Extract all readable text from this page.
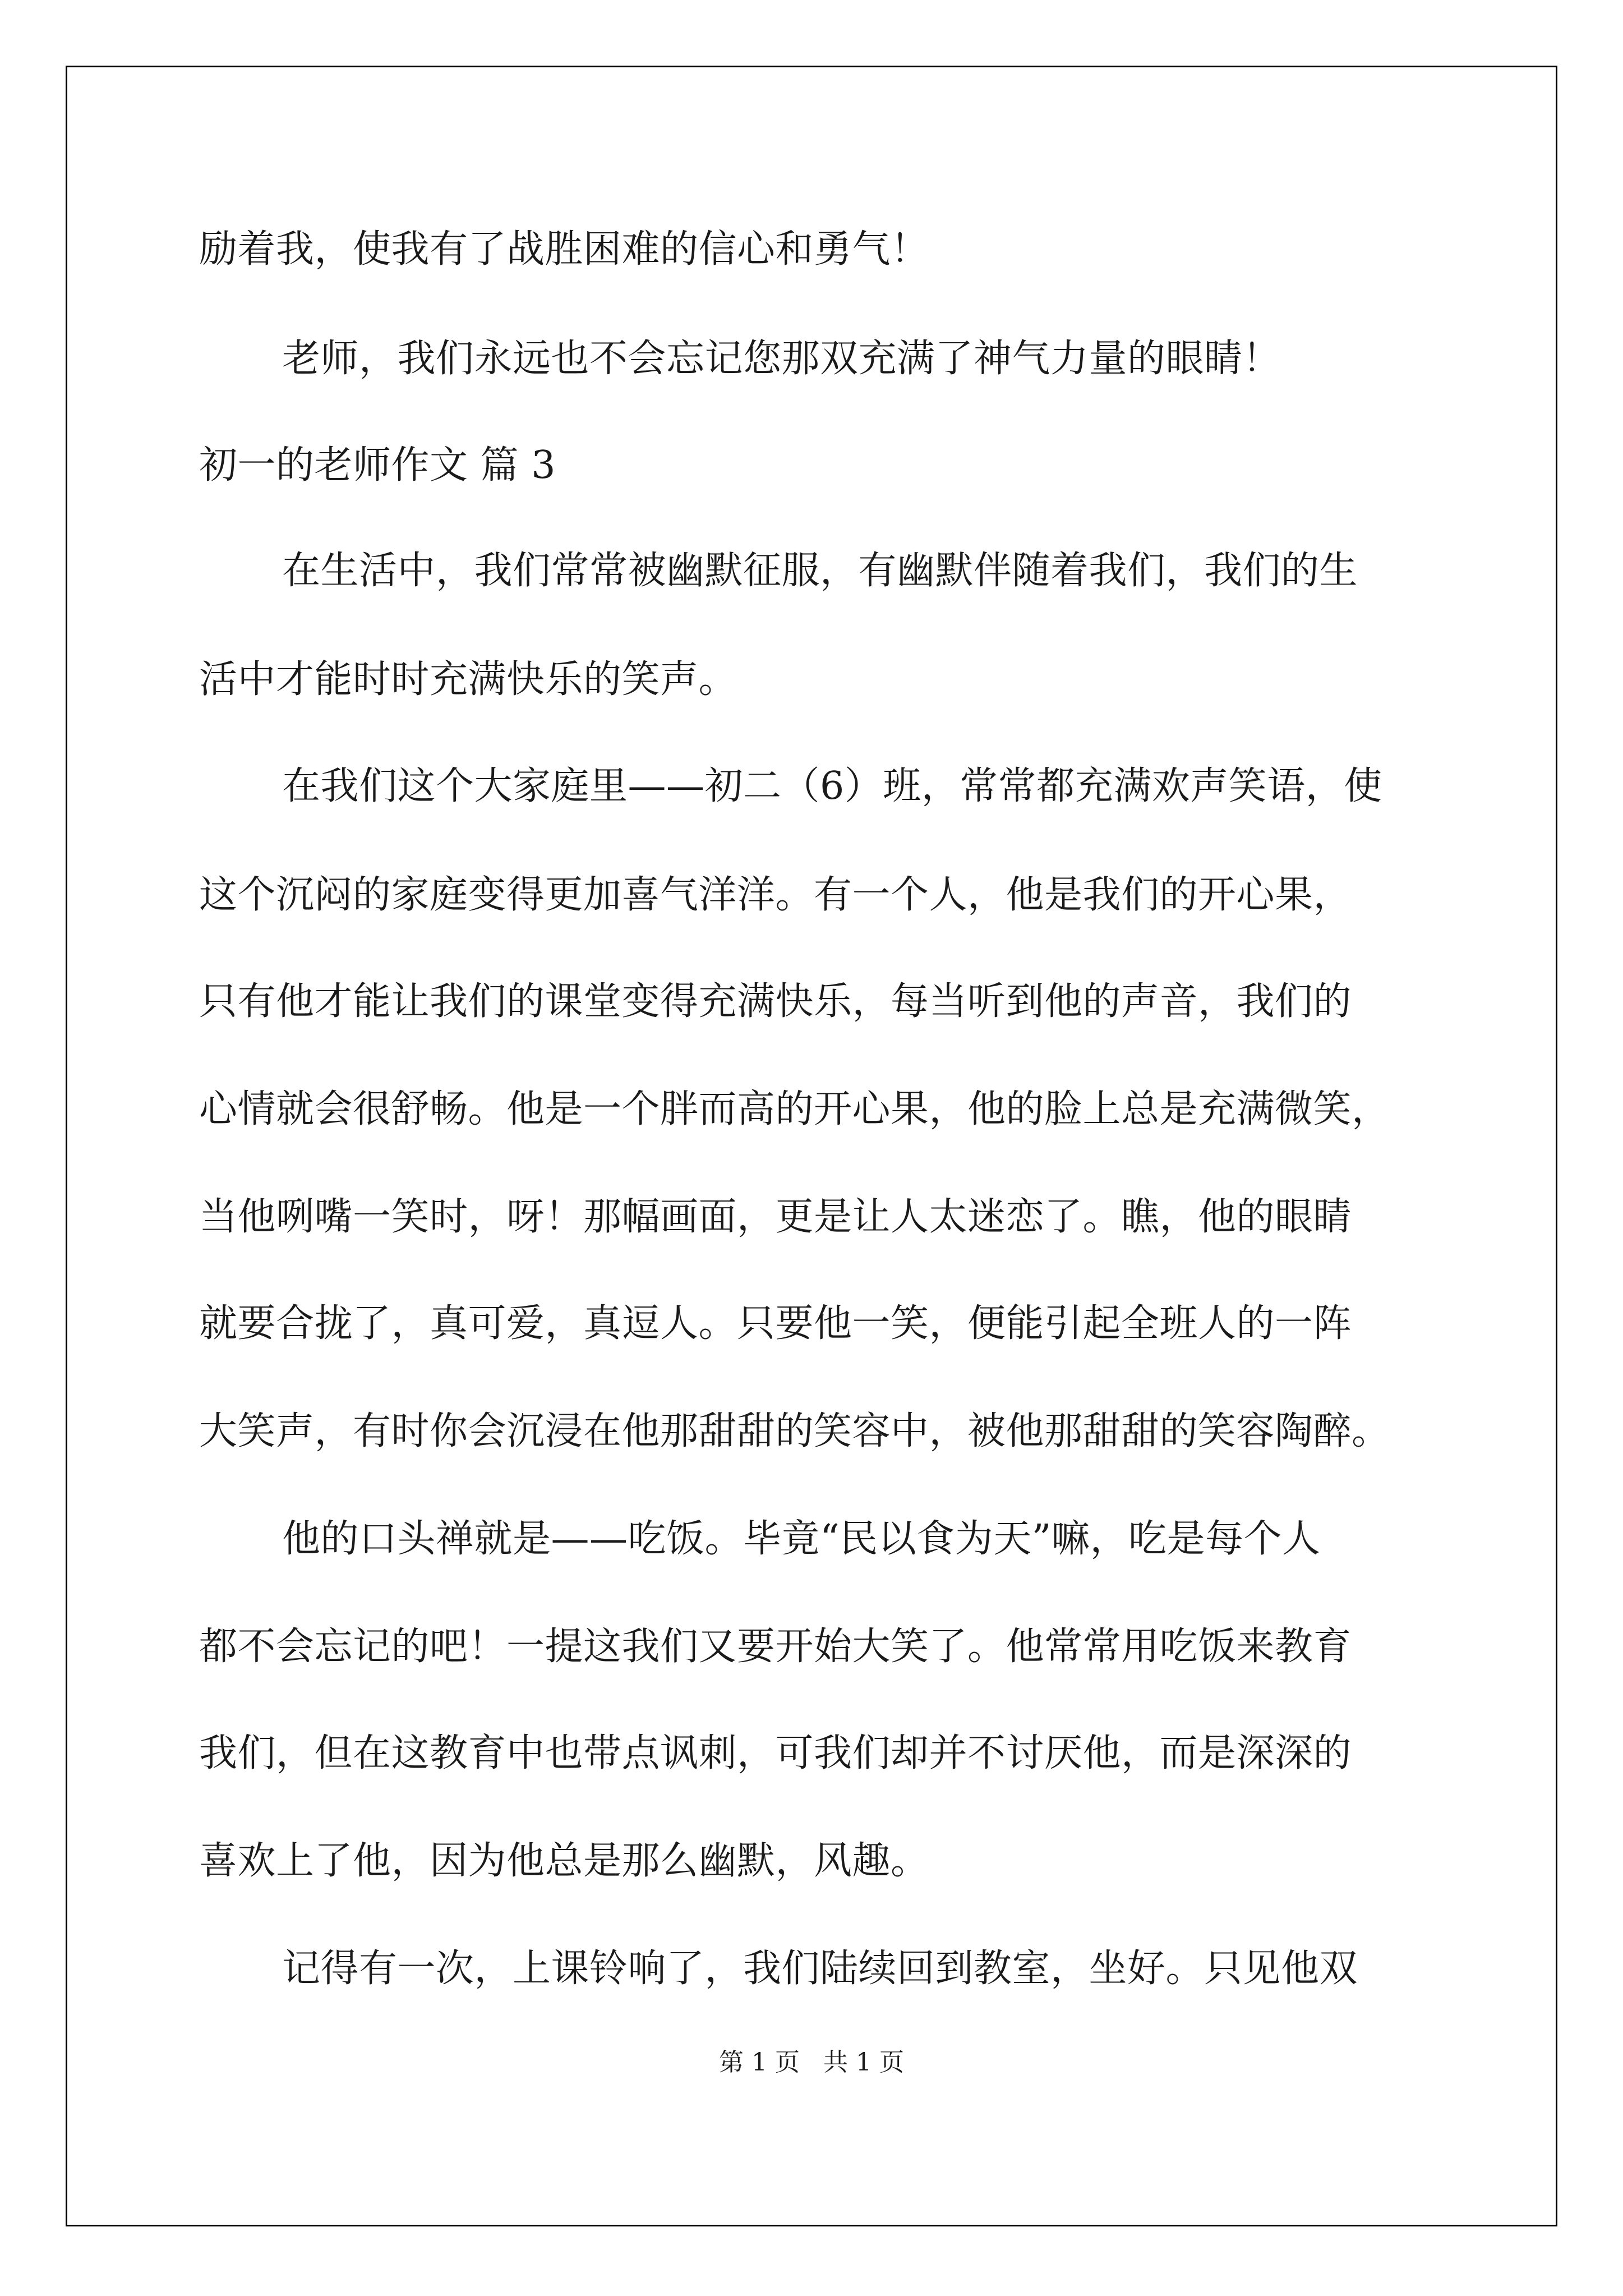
励着我，使我有了战胜困难的信心和勇气！
老师，我们永远也不会忘记您那双充满了神气力量的眼睛！
初一的老师作文 篇 3
在生活中，我们常常被幽默征服，有幽默伴随着我们，我们的生
活中才能时时充满快乐的笑声。
在我们这个大家庭里——初二（6）班，常常都充满欢声笑语，使
这个沉闷的家庭变得更加喜气洋洋。有一个人，他是我们的开心果，
只有他才能让我们的课堂变得充满快乐，每当听到他的声音，我们的
心情就会很舒畅。他是一个胖而高的开心果，他的脸上总是充满微笑，
当他咧嘴一笑时，呀！那幅画面，更是让人太迷恋了。瞧，他的眼睛
就要合拢了，真可爱，真逗人。只要他一笑，便能引起全班人的一阵
大笑声，有时你会沉浸在他那甜甜的笑容中，被他那甜甜的笑容陶醉。
他的口头禅就是——吃饭。毕竟“民以食为天”嘛，吃是每个人
都不会忘记的吧！一提这我们又要开始大笑了。他常常用吃饭来教育
我们，但在这教育中也带点讽刺，可我们却并不讨厌他，而是深深的
喜欢上了他，因为他总是那么幽默，风趣。
记得有一次，上课铃响了，我们陆续回到教室，坐好。只见他双
第 1 页   共 1 页
